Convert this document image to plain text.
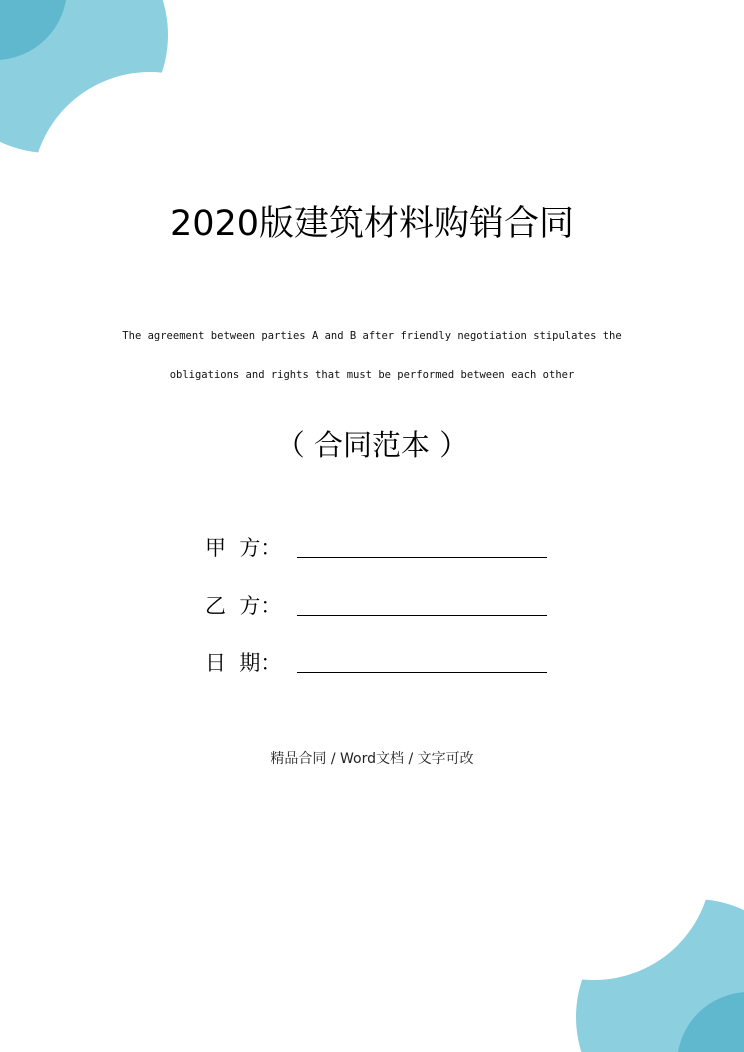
2020版建筑材料购销合同
The agreement between parties A and B after friendly negotiation stipulates the
obligations and rights that must be performed between each other
（ 合同范本 ）
甲  方：
乙  方：
日  期：
精品合同 / Word文档 / 文字可改
